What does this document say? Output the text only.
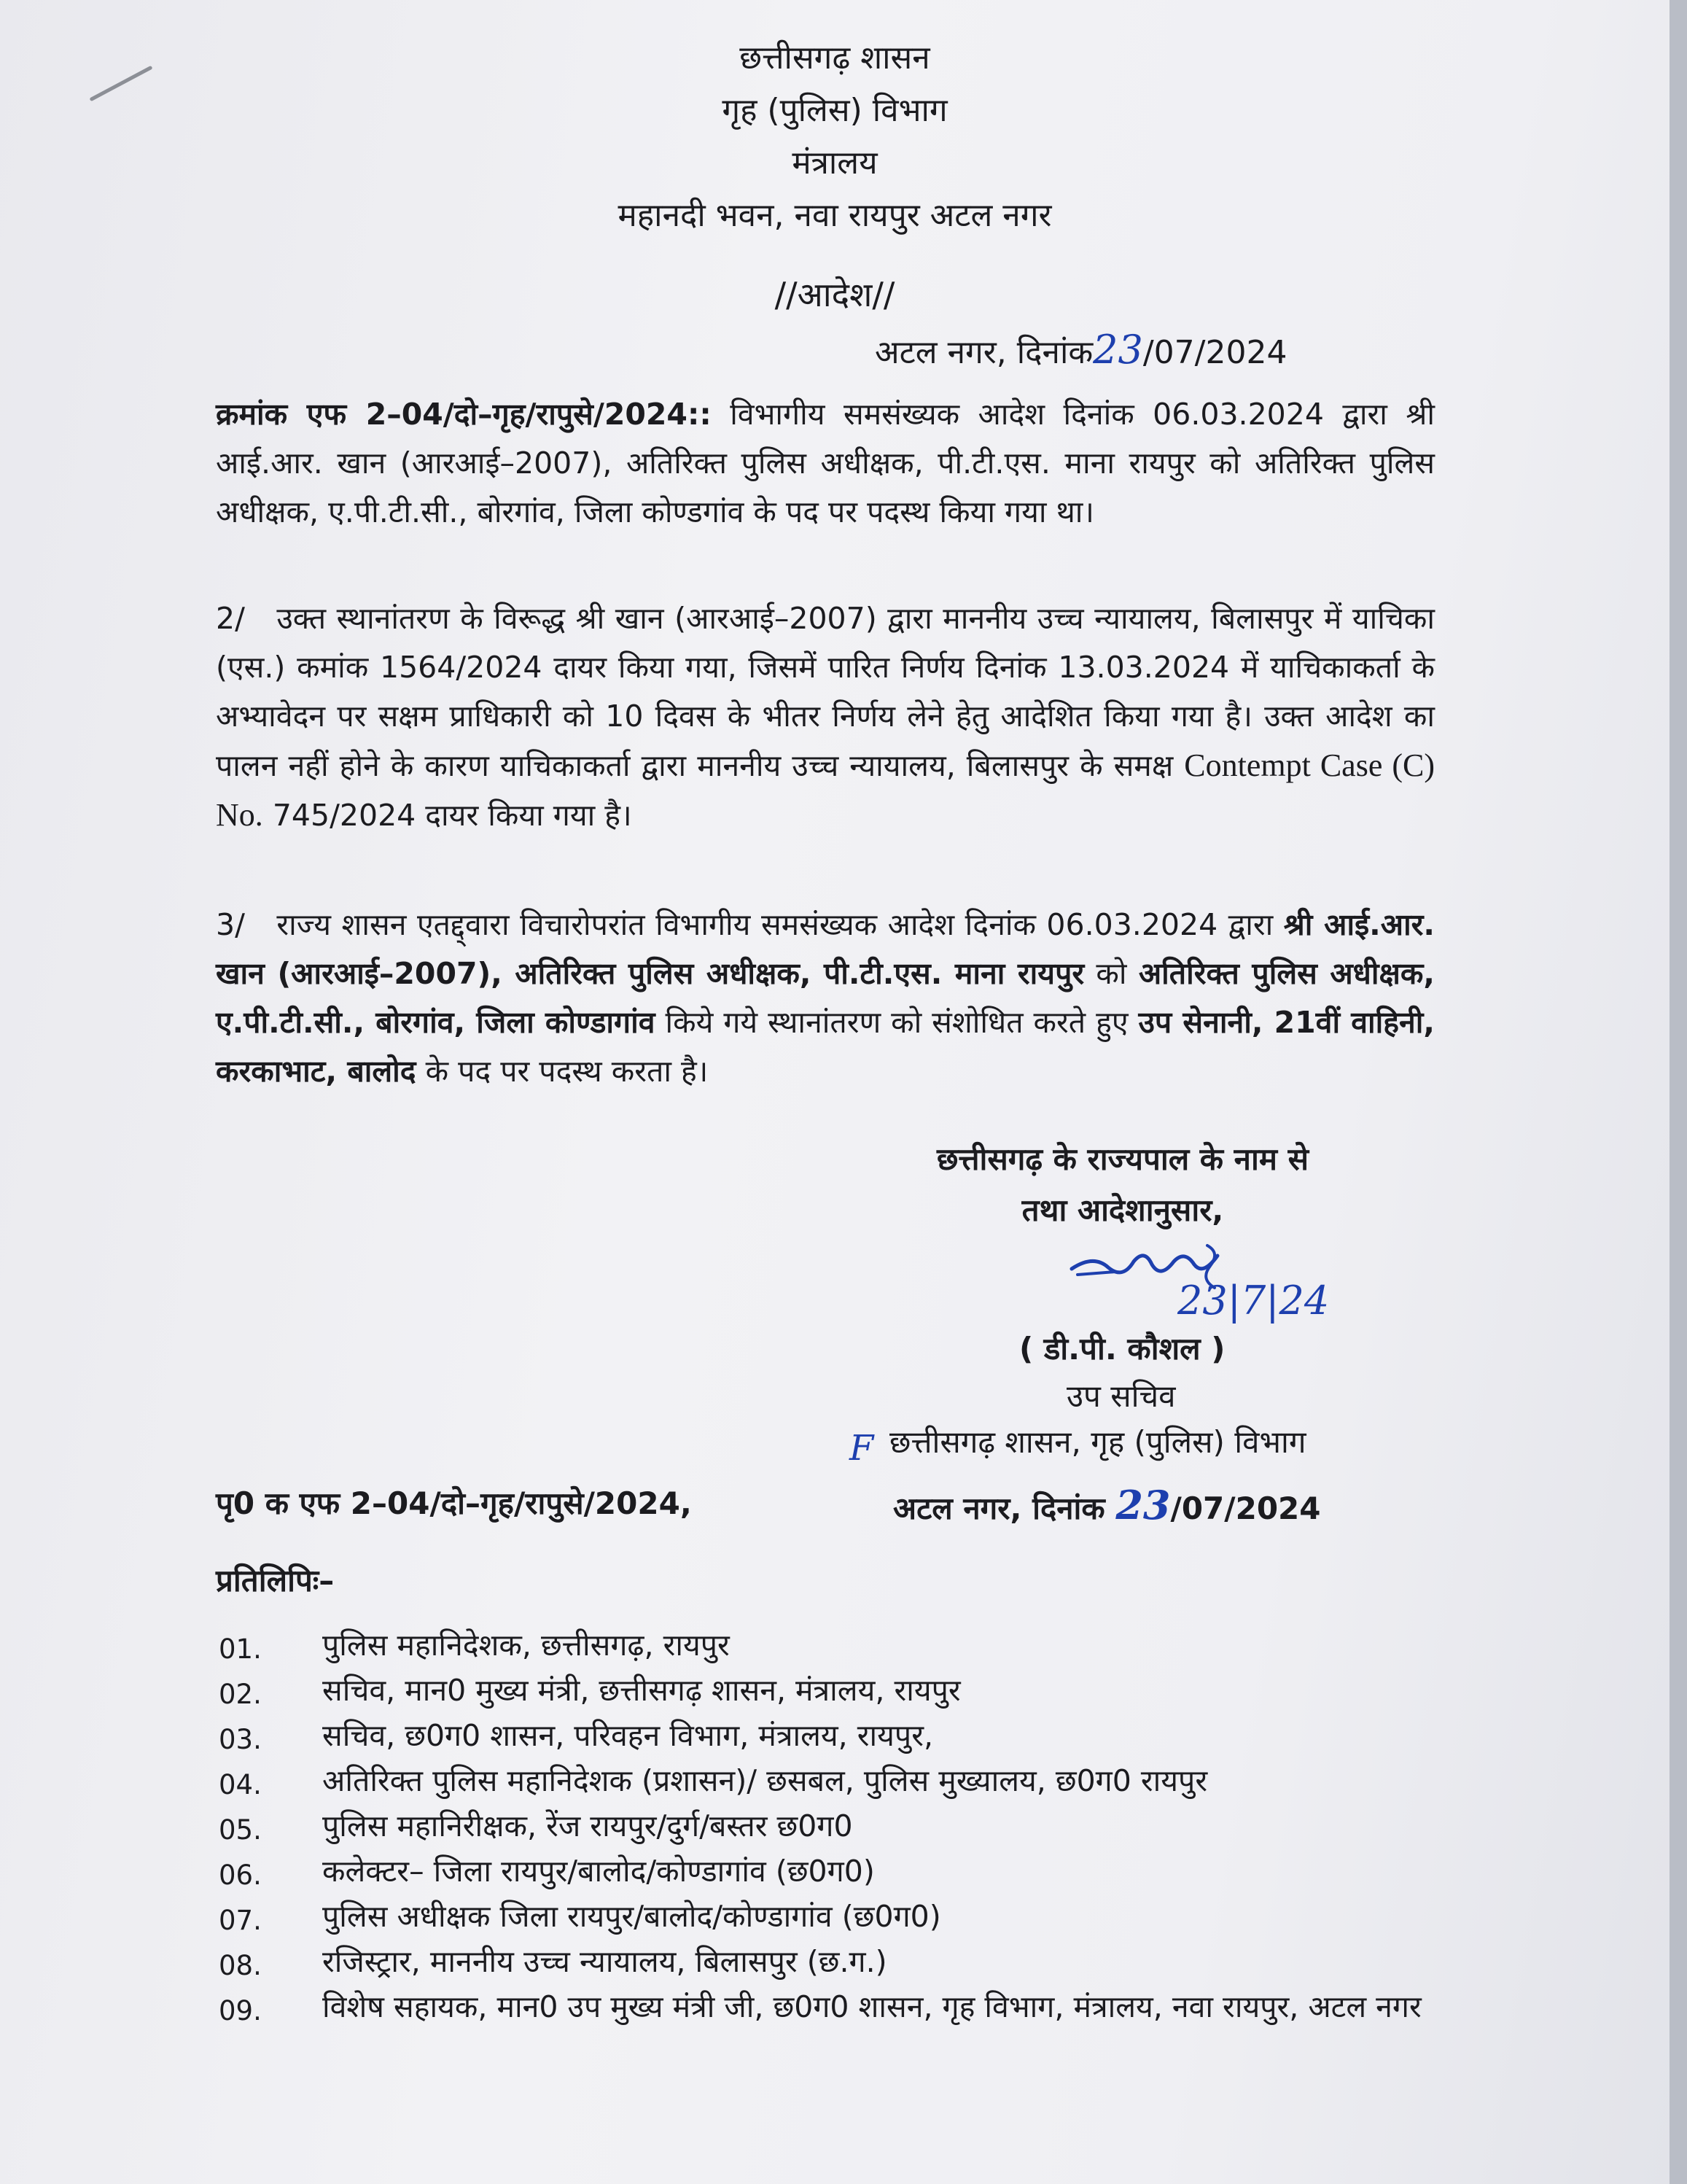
छत्तीसगढ़ शासन
गृह (पुलिस) विभाग
मंत्रालय
महानदी भवन, नवा रायपुर अटल नगर
//आदेश//
अटल नगर, दिनांक23/07/2024

क्रमांक एफ 2–04/दो–गृह/रापुसे/2024:: विभागीय समसंख्यक आदेश दिनांक 06.03.2024 द्वारा श्री आई.आर. खान (आरआई–2007), अतिरिक्त पुलिस अधीक्षक, पी.टी.एस. माना रायपुर को अतिरिक्त पुलिस अधीक्षक, ए.पी.टी.सी., बोरगांव, जिला कोण्डगांव के पद पर पदस्थ किया गया था।

2/ उक्त स्थानांतरण के विरूद्ध श्री खान (आरआई–2007) द्वारा माननीय उच्च न्यायालय, बिलासपुर में याचिका (एस.) कमांक 1564/2024 दायर किया गया, जिसमें पारित निर्णय दिनांक 13.03.2024 में याचिकाकर्ता के अभ्यावेदन पर सक्षम प्राधिकारी को 10 दिवस के भीतर निर्णय लेने हेतु आदेशित किया गया है। उक्त आदेश का पालन नहीं होने के कारण याचिकाकर्ता द्वारा माननीय उच्च न्यायालय, बिलासपुर के समक्ष Contempt Case (C) No. 745/2024 दायर किया गया है।

3/ राज्य शासन एतद्द्वारा विचारोपरांत विभागीय समसंख्यक आदेश दिनांक 06.03.2024 द्वारा श्री आई.आर. खान (आरआई–2007), अतिरिक्त पुलिस अधीक्षक, पी.टी.एस. माना रायपुर को अतिरिक्त पुलिस अधीक्षक, ए.पी.टी.सी., बोरगांव, जिला कोण्डागांव किये गये स्थानांतरण को संशोधित करते हुए उप सेनानी, 21वीं वाहिनी, करकाभाट, बालोद के पद पर पदस्थ करता है।

छत्तीसगढ़ के राज्यपाल के नाम से
तथा आदेशानुसार,
23|7|24
( डी.पी. कौशल )
उप सचिव
F छत्तीसगढ़ शासन, गृह (पुलिस) विभाग
पृ0 क एफ 2–04/दो–गृह/रापुसे/2024,	अटल नगर, दिनांक 23/07/2024
प्रतिलिपिः–
01. पुलिस महानिदेशक, छत्तीसगढ़, रायपुर
02. सचिव, मान0 मुख्य मंत्री, छत्तीसगढ़ शासन, मंत्रालय, रायपुर
03. सचिव, छ0ग0 शासन, परिवहन विभाग, मंत्रालय, रायपुर,
04. अतिरिक्त पुलिस महानिदेशक (प्रशासन)/ छसबल, पुलिस मुख्यालय, छ0ग0 रायपुर
05. पुलिस महानिरीक्षक, रेंज रायपुर/दुर्ग/बस्तर छ0ग0
06. कलेक्टर– जिला रायपुर/बालोद/कोण्डागांव (छ0ग0)
07. पुलिस अधीक्षक जिला रायपुर/बालोद/कोण्डागांव (छ0ग0)
08. रजिस्ट्रार, माननीय उच्च न्यायालय, बिलासपुर (छ.ग.)
09. विशेष सहायक, मान0 उप मुख्य मंत्री जी, छ0ग0 शासन, गृह विभाग, मंत्रालय, नवा रायपुर, अटल नगर
